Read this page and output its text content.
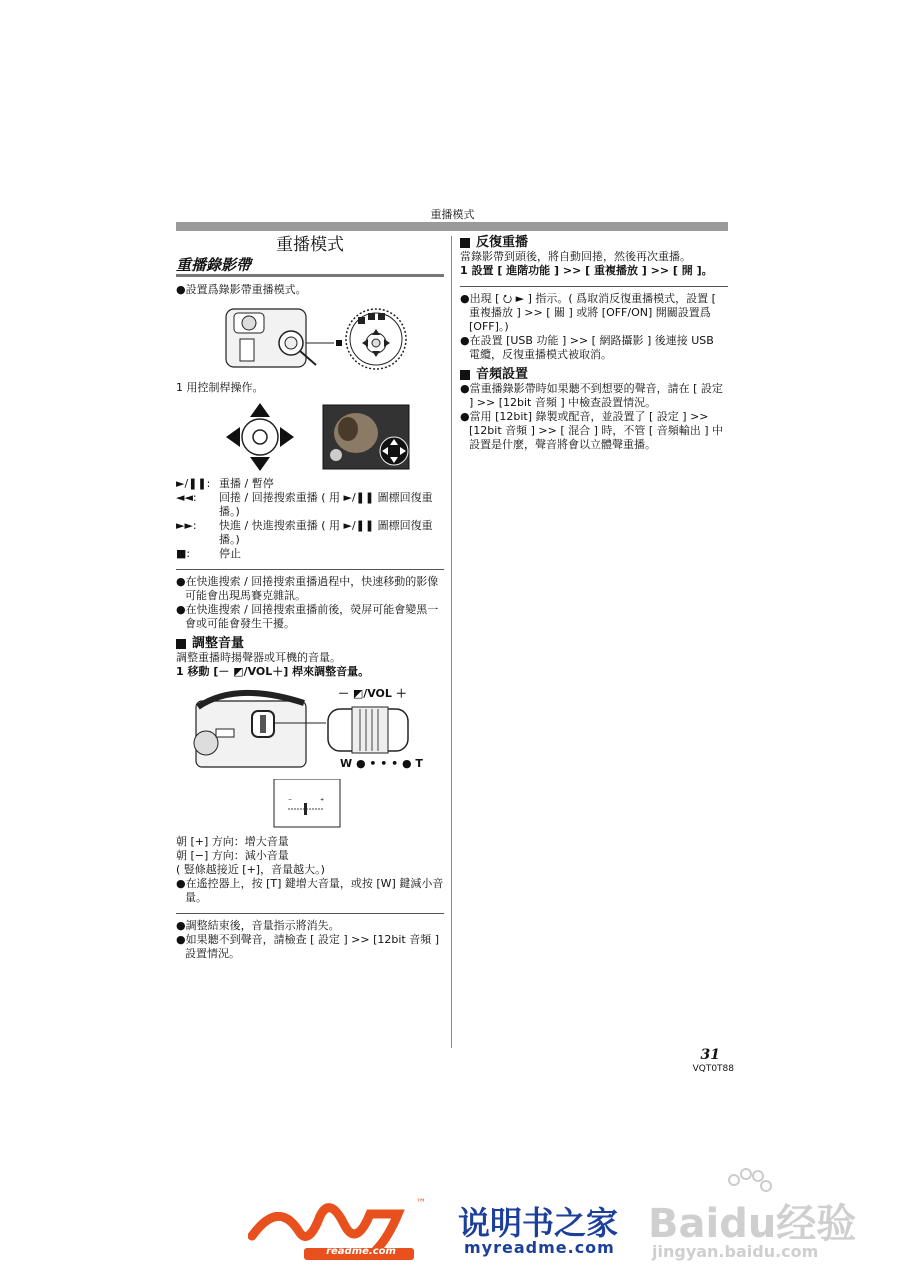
重播模式
重播模式
重播錄影帶

●設置爲錄影帶重播模式。

1 用控制桿操作。

►/❚❚: 重播 / 暫停
◄◄:	回捲 / 回捲搜索重播 ( 用 ►/❚❚ 圖標回復重播。)
►►:	快進 / 快進搜索重播 ( 用 ►/❚❚ 圖標回復重播。)
■:	停止

●在快進搜索 / 回捲搜索重播過程中，快速移動的影像可能會出現馬賽克雜訊。

●在快進搜索 / 回捲搜索重播前後，熒屏可能會變黑一會或可能會發生干擾。

調整音量

調整重播時揚聲器或耳機的音量。

1 移動 [－ ◩/VOL＋] 桿來調整音量。

－ ◩/VOL ＋
W ● • • • ● T
−	+

朝 [+] 方向：增大音量

朝 [−] 方向：減小音量

( 豎條越接近 [+]，音量越大。)

●在遙控器上，按 [T] 鍵增大音量，或按 [W] 鍵減小音量。

●調整結束後，音量指示將消失。

●如果聽不到聲音，請檢查 [ 設定 ] >> [12bit 音頻 ] 設置情況。

反復重播

當錄影帶到頭後，將自動回捲，然後再次重播。

1 設置 [ 進階功能 ] >> [ 重複播放 ] >> [ 開 ]。

●出現 [ ⭮ ► ] 指示。( 爲取消反復重播模式，設置 [ 重複播放 ] >> [ 關 ] 或將 [OFF/ON] 開關設置爲 [OFF]。)

●在設置 [USB 功能 ] >> [ 網路攝影 ] 後連接 USB 電纜，反復重播模式被取消。

音頻設置

●當重播錄影帶時如果聽不到想要的聲音，請在 [ 設定 ] >> [12bit 音頻 ] 中檢查設置情況。

●當用 [12bit] 錄製或配音，並設置了 [ 設定 ] >> [12bit 音頻 ] >> [ 混合 ] 時，不管 [ 音頻輸出 ] 中設置是什麼，聲音將會以立體聲重播。

31
VQT0T88
™
readme.com
说明书之家
myreadme.com
Baidu经验
jingyan.baidu.com
